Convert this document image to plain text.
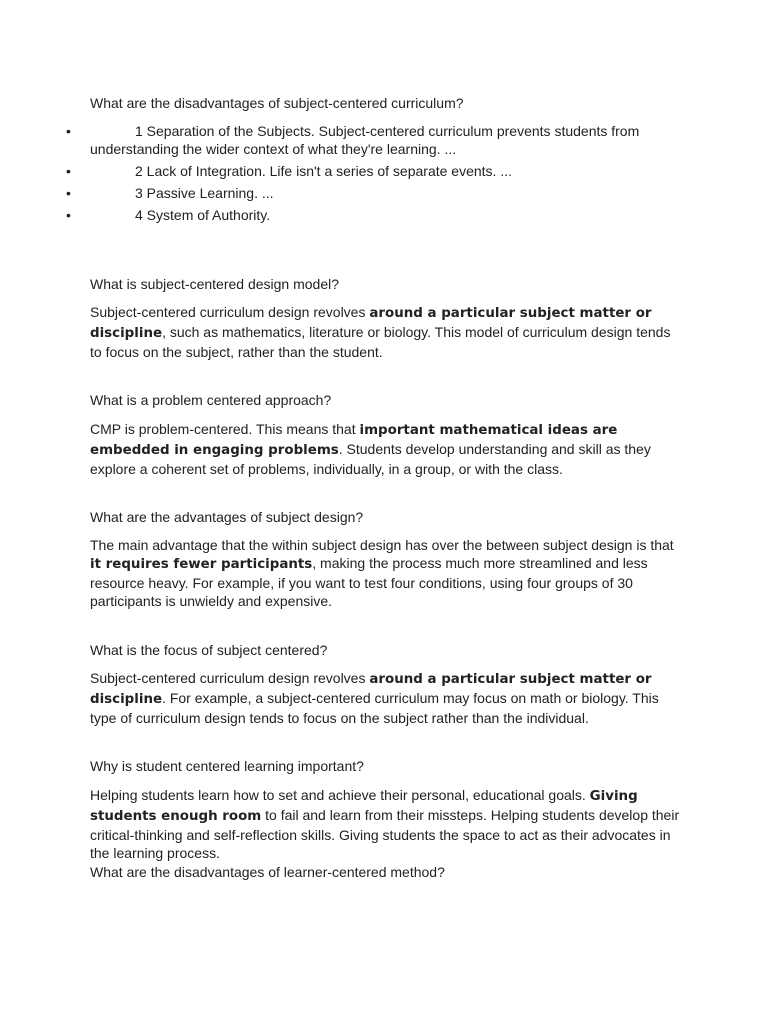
What are the disadvantages of subject-centered curriculum?
•	1 Separation of the Subjects. Subject-centered curriculum prevents students from understanding the wider context of what they're learning. ...
•	2 Lack of Integration. Life isn't a series of separate events. ...
•	3 Passive Learning. ...
•	4 System of Authority.
What is subject-centered design model?
Subject-centered curriculum design revolves around a particular subject matter or discipline, such as mathematics, literature or biology. This model of curriculum design tends to focus on the subject, rather than the student.
What is a problem centered approach?
CMP is problem-centered. This means that important mathematical ideas are embedded in engaging problems. Students develop understanding and skill as they explore a coherent set of problems, individually, in a group, or with the class.
What are the advantages of subject design?
The main advantage that the within subject design has over the between subject design is that it requires fewer participants, making the process much more streamlined and less resource heavy. For example, if you want to test four conditions, using four groups of 30 participants is unwieldy and expensive.
What is the focus of subject centered?
Subject-centered curriculum design revolves around a particular subject matter or discipline. For example, a subject-centered curriculum may focus on math or biology. This type of curriculum design tends to focus on the subject rather than the individual.
Why is student centered learning important?
Helping students learn how to set and achieve their personal, educational goals. Giving students enough room to fail and learn from their missteps. Helping students develop their critical-thinking and self-reflection skills. Giving students the space to act as their advocates in the learning process.
What are the disadvantages of learner-centered method?
